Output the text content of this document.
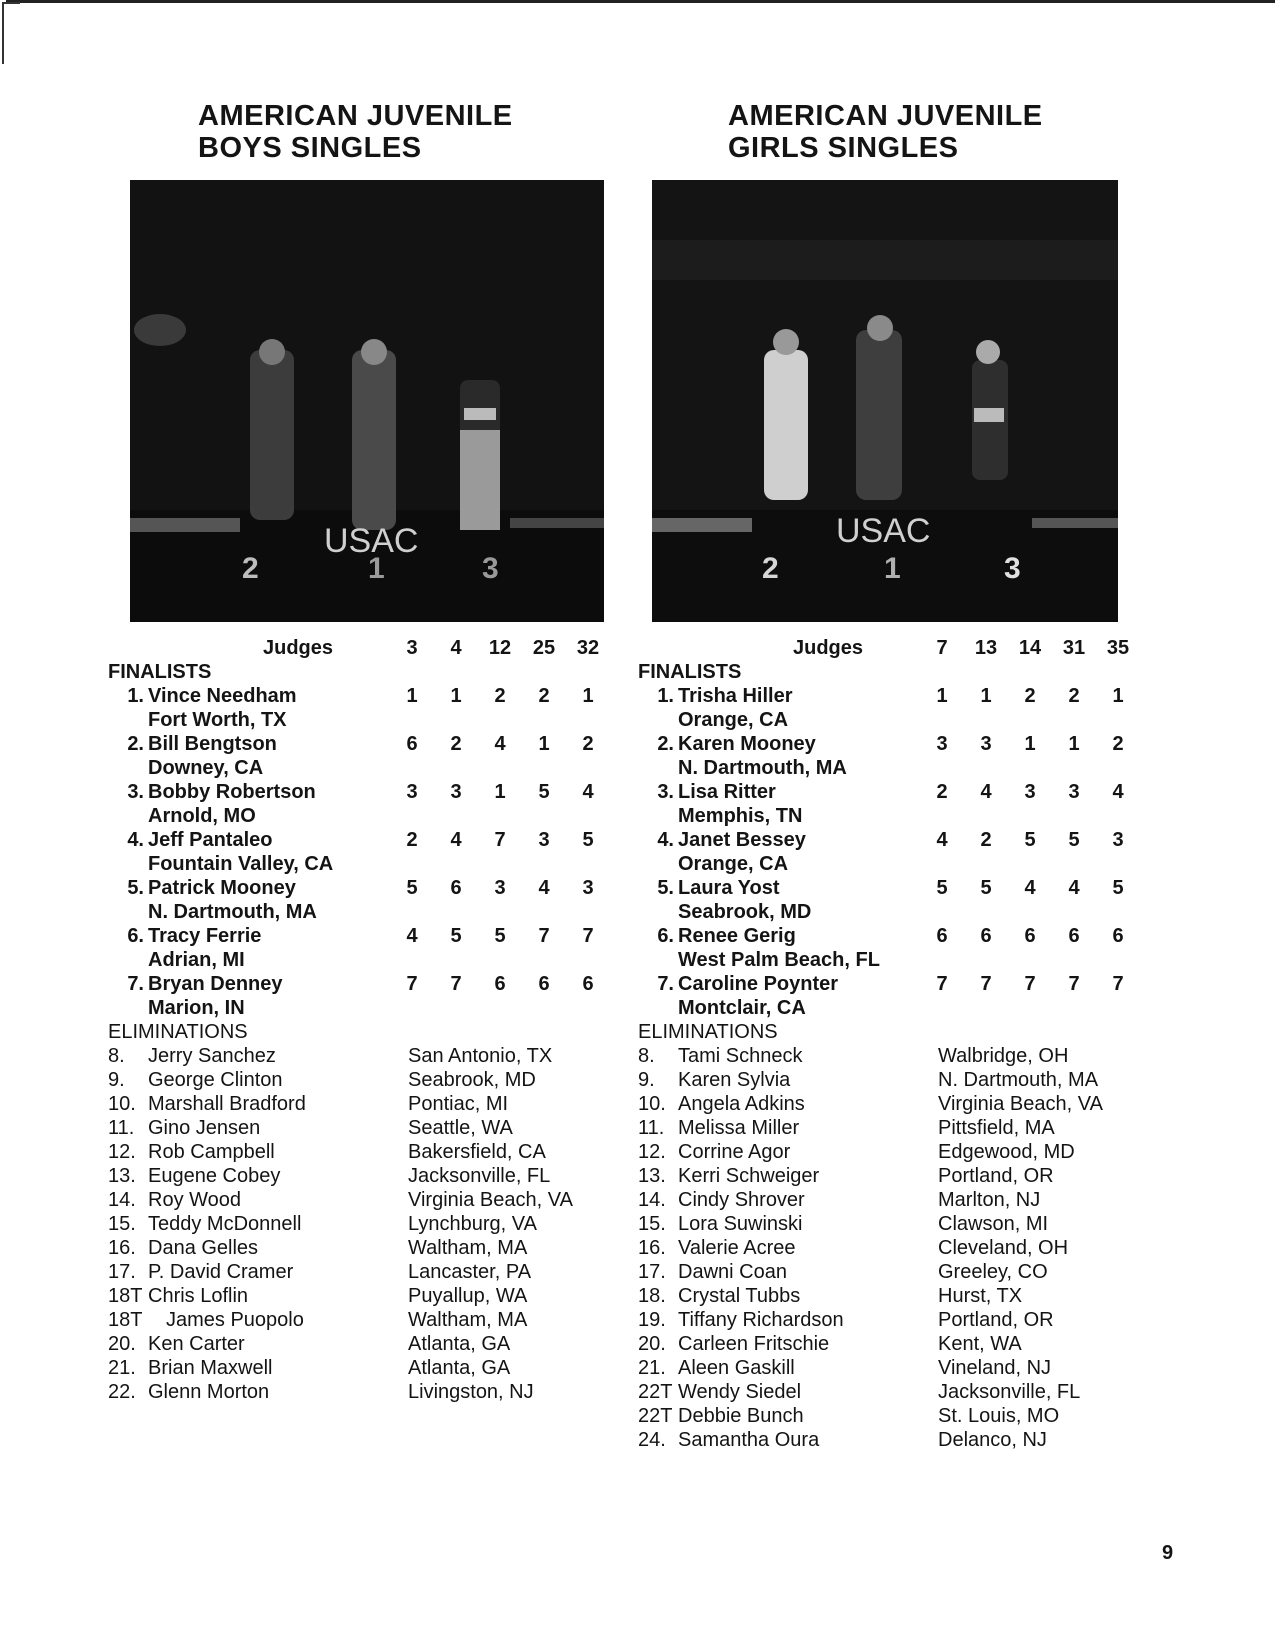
AMERICAN JUVENILE
BOYS SINGLES
USAC
2	1	3
Judges	3	4	12	25	32
FINALISTS
1. Vince Needham	1	1	2	2	1
Fort Worth, TX
2. Bill Bengtson	6	2	4	1	2
Downey, CA
3. Bobby Robertson	3	3	1	5	4
Arnold, MO
4. Jeff Pantaleo	2	4	7	3	5
Fountain Valley, CA
5. Patrick Mooney	5	6	3	4	3
N. Dartmouth, MA
6. Tracy Ferrie	4	5	5	7	7
Adrian, MI
7. Bryan Denney	7	7	6	6	6
Marion, IN
ELIMINATIONS
8. Jerry Sanchez	San Antonio, TX
9. George Clinton	Seabrook, MD
10. Marshall Bradford	Pontiac, MI
11. Gino Jensen	Seattle, WA
12. Rob Campbell	Bakersfield, CA
13. Eugene Cobey	Jacksonville, FL
14. Roy Wood	Virginia Beach, VA
15. Teddy McDonnell	Lynchburg, VA
16. Dana Gelles	Waltham, MA
17. P. David Cramer	Lancaster, PA
18T Chris Loflin	Puyallup, WA
18T James Puopolo	Waltham, MA
20. Ken Carter	Atlanta, GA
21. Brian Maxwell	Atlanta, GA
22. Glenn Morton	Livingston, NJ
AMERICAN JUVENILE
GIRLS SINGLES
USAC
2	1	3
Judges	7	13	14	31	35
FINALISTS
1. Trisha Hiller	1	1	2	2	1
Orange, CA
2. Karen Mooney	3	3	1	1	2
N. Dartmouth, MA
3. Lisa Ritter	2	4	3	3	4
Memphis, TN
4. Janet Bessey	4	2	5	5	3
Orange, CA
5. Laura Yost	5	5	4	4	5
Seabrook, MD
6. Renee Gerig	6	6	6	6	6
West Palm Beach, FL
7. Caroline Poynter	7	7	7	7	7
Montclair, CA
ELIMINATIONS
8. Tami Schneck	Walbridge, OH
9. Karen Sylvia	N. Dartmouth, MA
10. Angela Adkins	Virginia Beach, VA
11. Melissa Miller	Pittsfield, MA
12. Corrine Agor	Edgewood, MD
13. Kerri Schweiger	Portland, OR
14. Cindy Shrover	Marlton, NJ
15. Lora Suwinski	Clawson, MI
16. Valerie Acree	Cleveland, OH
17. Dawni Coan	Greeley, CO
18. Crystal Tubbs	Hurst, TX
19. Tiffany Richardson	Portland, OR
20. Carleen Fritschie	Kent, WA
21. Aleen Gaskill	Vineland, NJ
22T Wendy Siedel	Jacksonville, FL
22T Debbie Bunch	St. Louis, MO
24. Samantha Oura	Delanco, NJ
9
